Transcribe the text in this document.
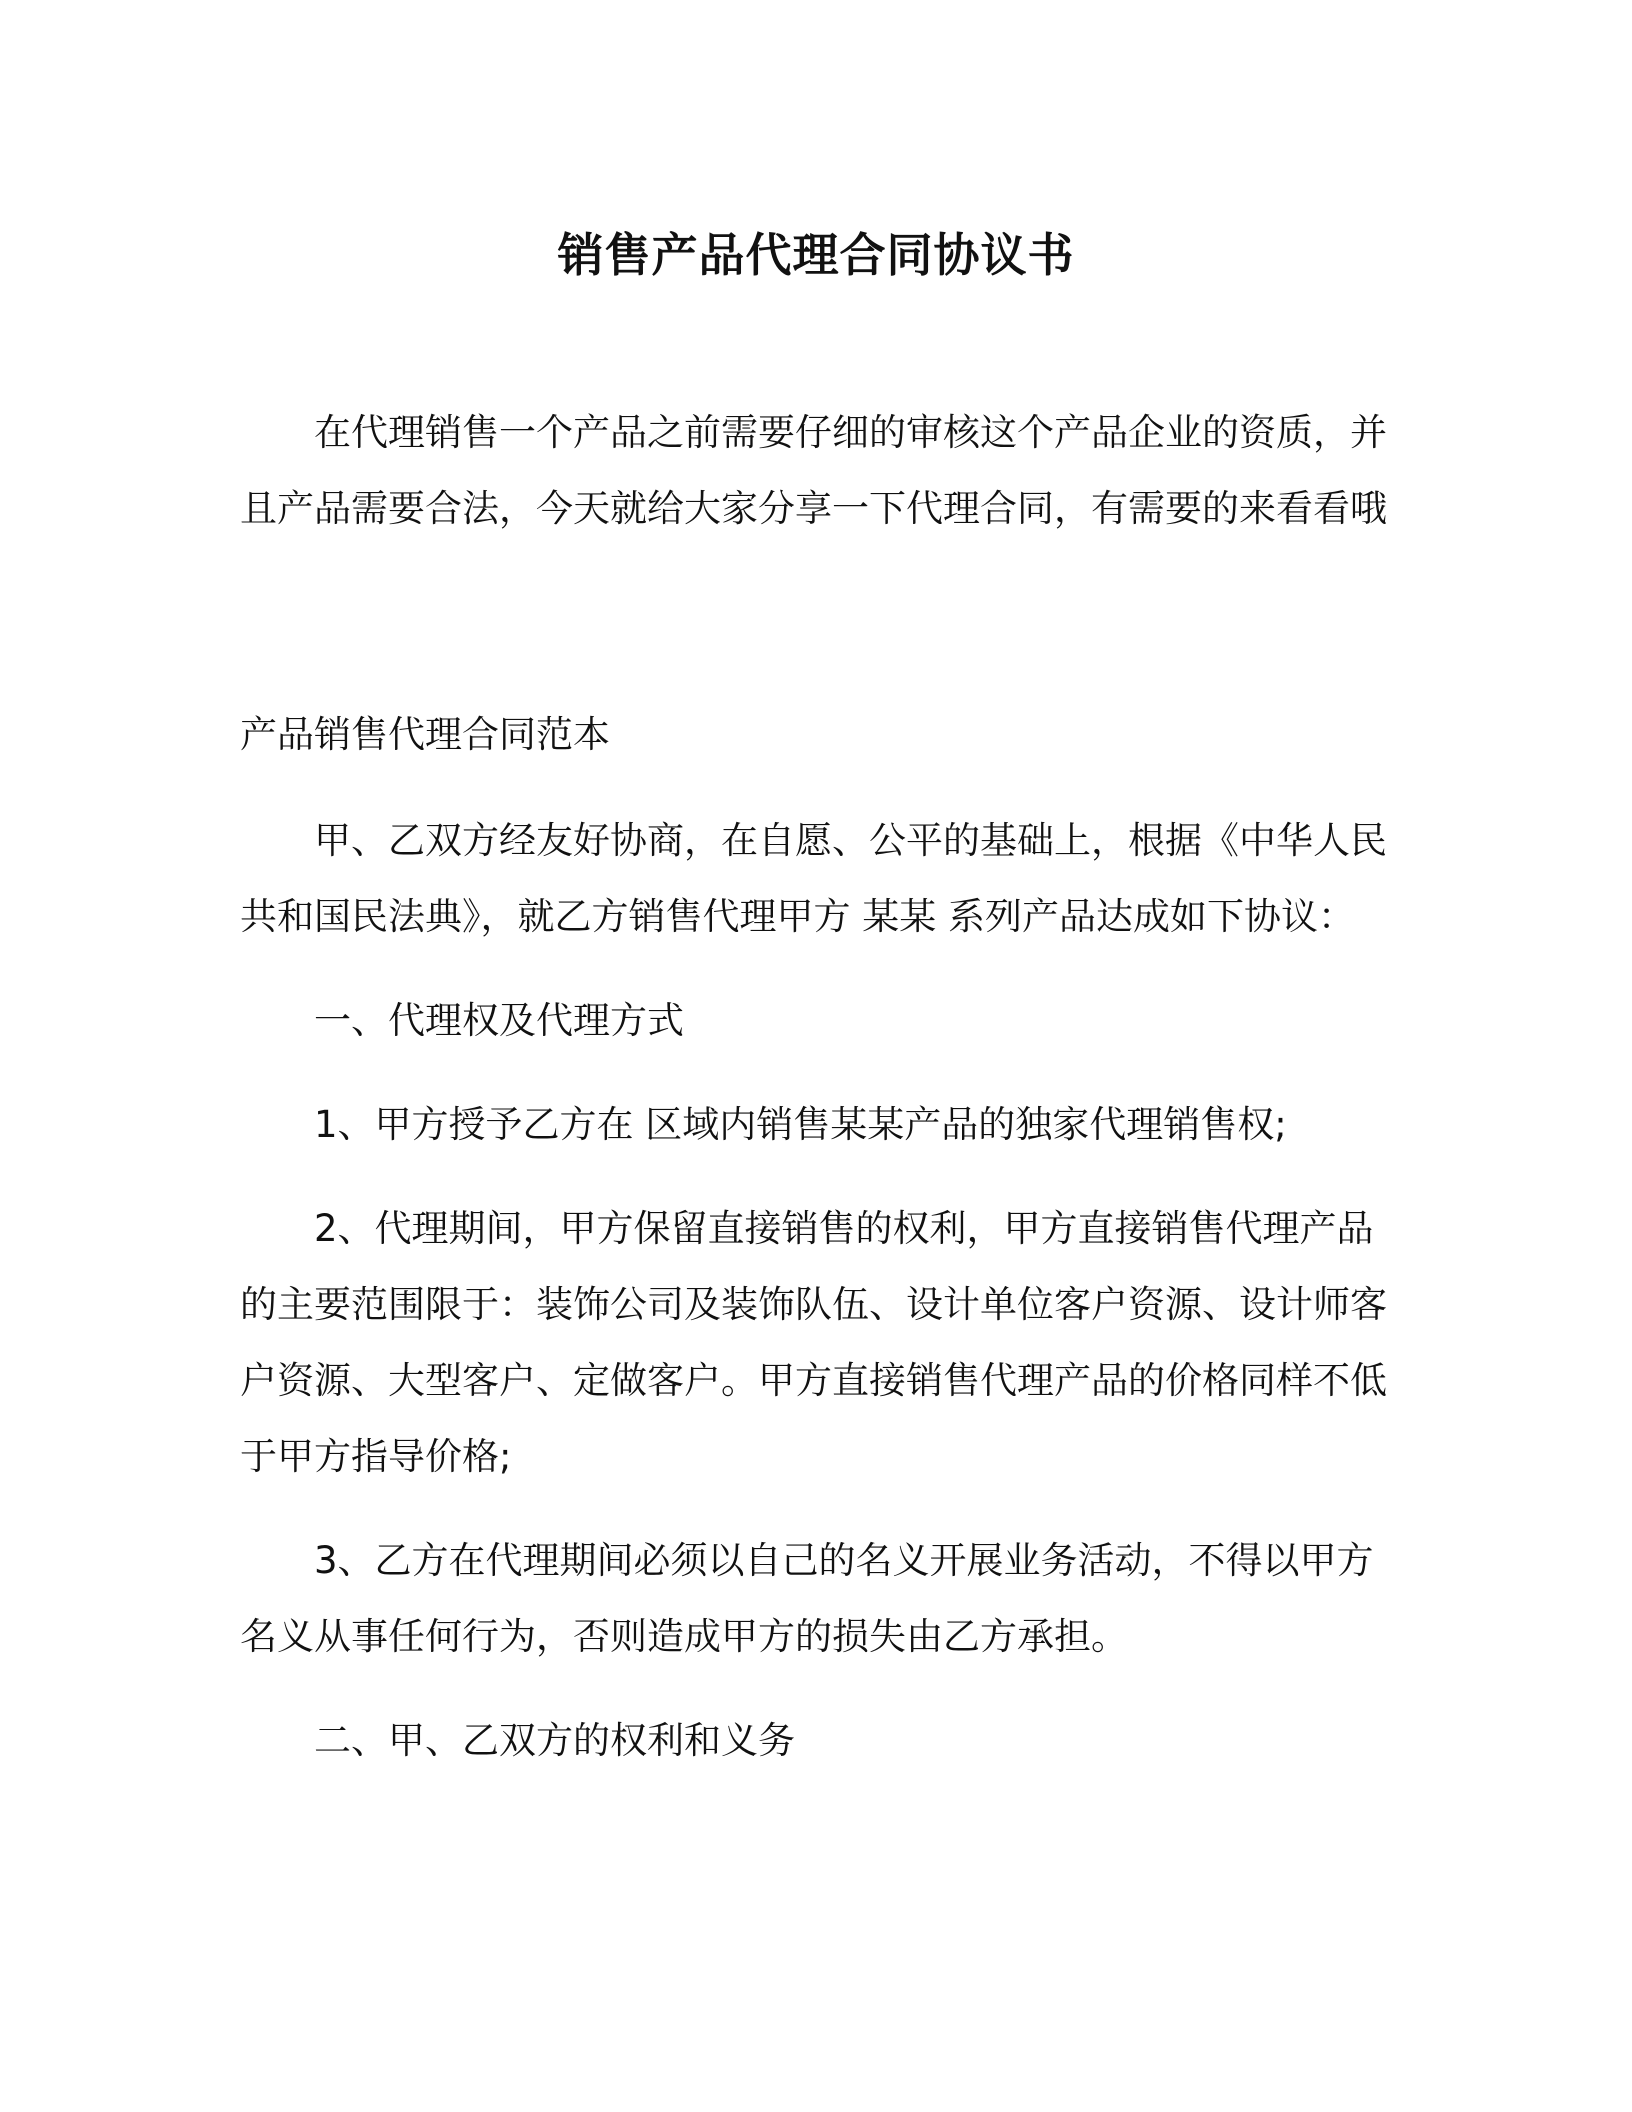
销售产品代理合同协议书

在代理销售一个产品之前需要仔细的审核这个产品企业的资质，并且产品需要合法，今天就给大家分享一下代理合同，有需要的来看看哦

产品销售代理合同范本

甲、乙双方经友好协商，在自愿、公平的基础上，根据《中华人民共和国民法典》，就乙方销售代理甲方 某某 系列产品达成如下协议：

一、代理权及代理方式

1、甲方授予乙方在 区域内销售某某产品的独家代理销售权;

2、代理期间，甲方保留直接销售的权利，甲方直接销售代理产品的主要范围限于：装饰公司及装饰队伍、设计单位客户资源、设计师客户资源、大型客户、定做客户。甲方直接销售代理产品的价格同样不低于甲方指导价格;

3、乙方在代理期间必须以自己的名义开展业务活动，不得以甲方名义从事任何行为，否则造成甲方的损失由乙方承担。

二、甲、乙双方的权利和义务
